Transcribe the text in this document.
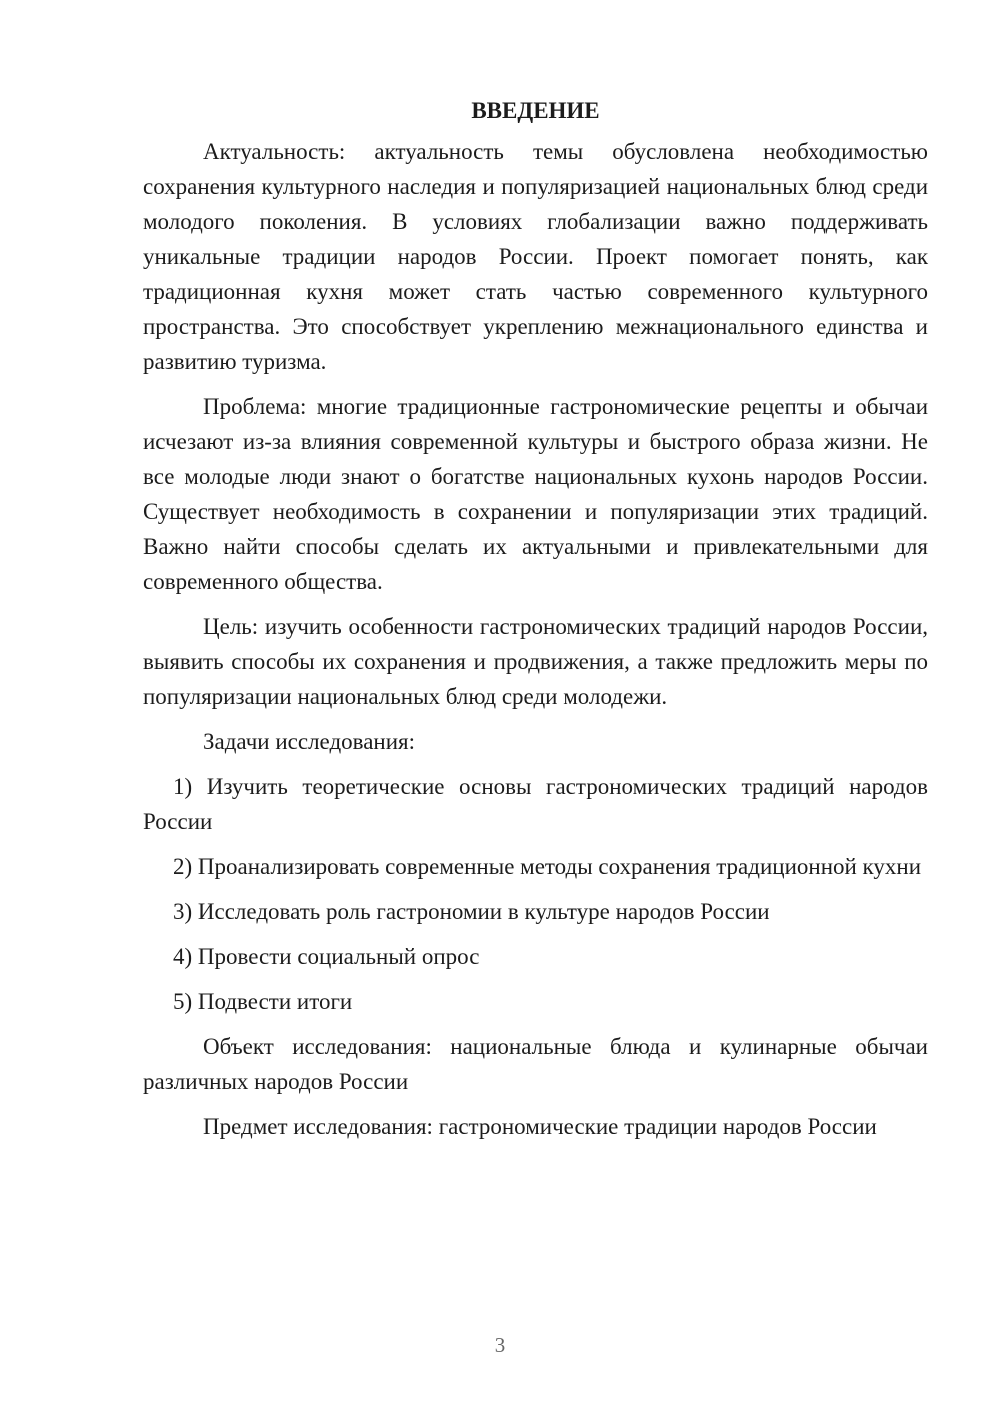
ВВЕДЕНИЕ

Актуальность: актуальность темы обусловлена необходимостью сохранения культурного наследия и популяризацией национальных блюд среди молодого поколения. В условиях глобализации важно поддерживать уникальные традиции народов России. Проект помогает понять, как традиционная кухня может стать частью современного культурного пространства. Это способствует укреплению межнационального единства и развитию туризма.

Проблема: многие традиционные гастрономические рецепты и обычаи исчезают из-за влияния современной культуры и быстрого образа жизни. Не все молодые люди знают о богатстве национальных кухонь народов России. Существует необходимость в сохранении и популяризации этих традиций. Важно найти способы сделать их актуальными и привлекательными для современного общества.

Цель: изучить особенности гастрономических традиций народов России, выявить способы их сохранения и продвижения, а также предложить меры по популяризации национальных блюд среди молодежи.

Задачи исследования:

1) Изучить теоретические основы гастрономических традиций народов России

2) Проанализировать современные методы сохранения традиционной кухни

3) Исследовать роль гастрономии в культуре народов России

4) Провести социальный опрос

5) Подвести итоги

Объект исследования: национальные блюда и кулинарные обычаи различных народов России

Предмет исследования: гастрономические традиции народов России

3
